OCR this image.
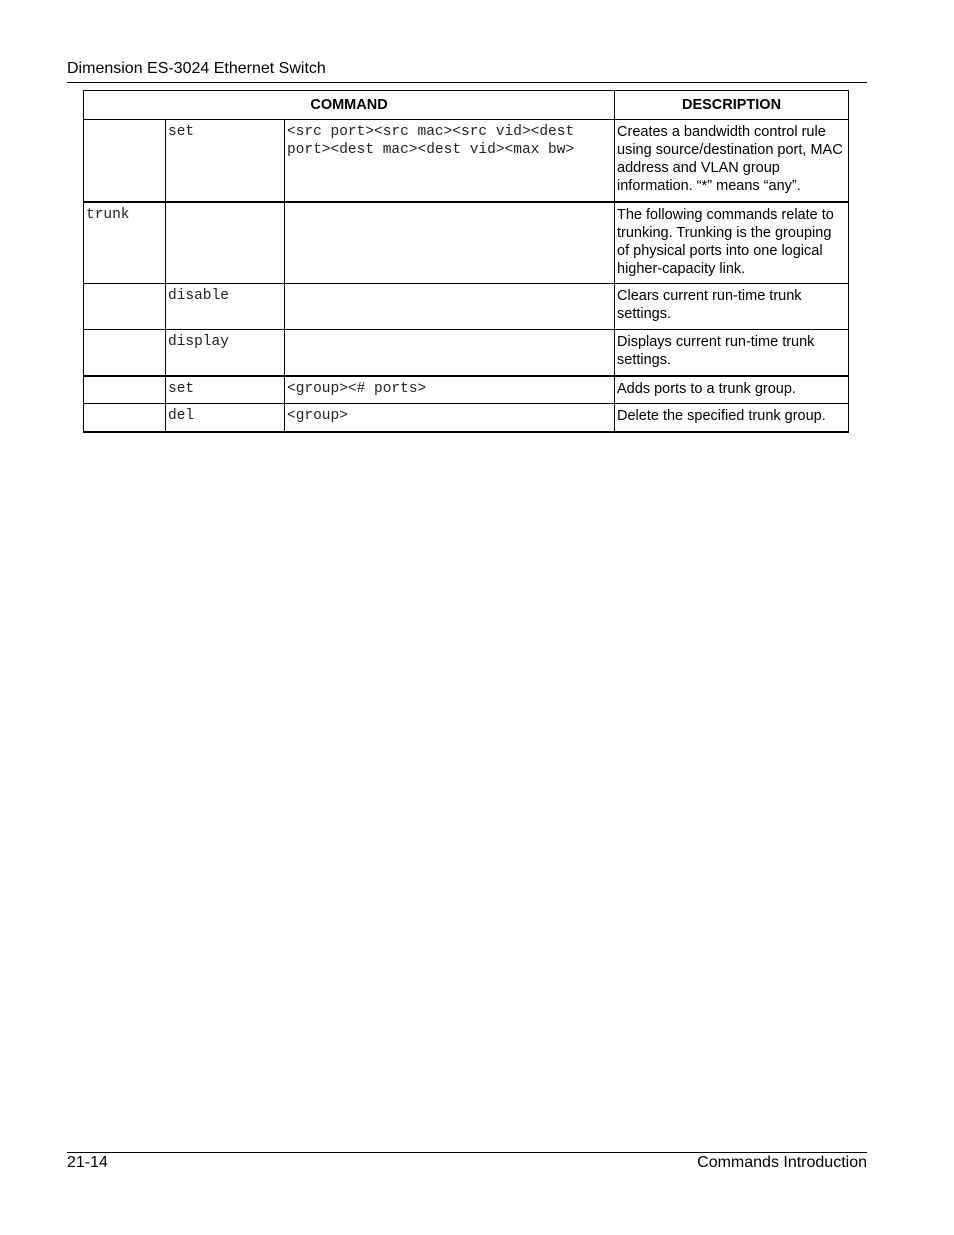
Dimension ES-3024 Ethernet Switch
COMMAND			DESCRIPTION
	set	<src port><src mac><src vid><dest port><dest mac><dest vid><max bw>	Creates a bandwidth control rule using source/destination port, MAC address and VLAN group information. “*” means “any”.
trunk			The following commands relate to trunking. Trunking is the grouping of physical ports into one logical higher-capacity link.
	disable		Clears current run-time trunk settings.
	display		Displays current run-time trunk settings.
	set	<group><# ports>	Adds ports to a trunk group.
	del	<group>	Delete the specified trunk group.
21-14	Commands Introduction
